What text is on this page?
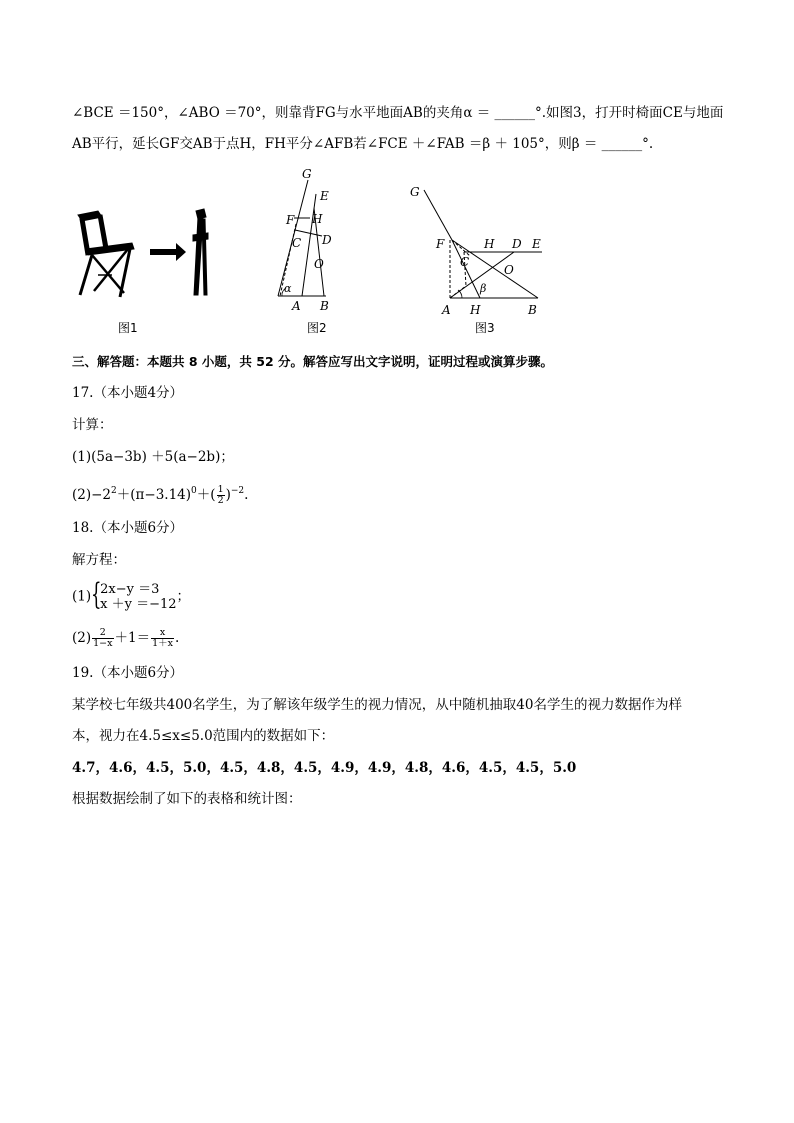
∠BCE ＝150°，∠ABO ＝70°，则靠背FG与水平地面AB的夹角α ＝ ______°.如图3，打开时椅面CE与地面
AB平行，延长GF交AB于点H，FH平分∠AFB若∠FCE ＋∠FAB ＝β ＋ 105°，则β ＝ ______°.
图1
G
E
F H
C D
O
α
A B
图2
G
F	H D E
C
O
β
A H	B
图3
三、解答题：本题共 8 小题，共 52 分。解答应写出文字说明，证明过程或演算步骤。
17.（本小题4分）
计算：
(1)(5a−3b) ＋5(a−2b)；
$(2)-2^2+(\pi-3.14)^0+( \frac{1}{2} )^{-2}$.
18.（本小题6分）
解方程：
(1) {
2x−y ＝3
x ＋y ＝−12 ；
$(2) \frac{2}{1-x} +1= \frac{x}{1+x}$ .
19.（本小题6分）
某学校七年级共400名学生，为了解该年级学生的视力情况，从中随机抽取40名学生的视力数据作为样
本，视力在4.5≤x≤5.0范围内的数据如下：
4.7，4.6，4.5，5.0，4.5，4.8，4.5，4.9，4.9，4.8，4.6，4.5，4.5，5.0
根据数据绘制了如下的表格和统计图：
